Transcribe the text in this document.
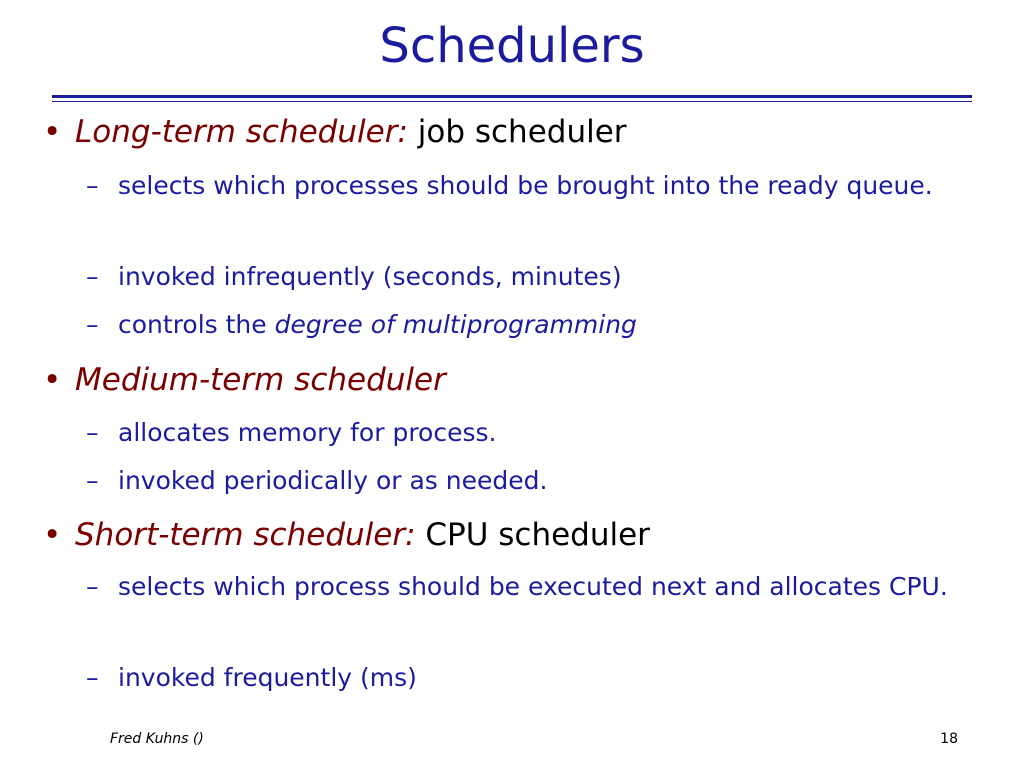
Schedulers
• Long-term scheduler: job scheduler
– selects which processes should be brought into the ready queue.
– invoked infrequently (seconds, minutes)
– controls the degree of multiprogramming
• Medium-term scheduler
– allocates memory for process.
– invoked periodically or as needed.
• Short-term scheduler: CPU scheduler
– selects which process should be executed next and allocates CPU.
– invoked frequently (ms)
Fred Kuhns ()	18
